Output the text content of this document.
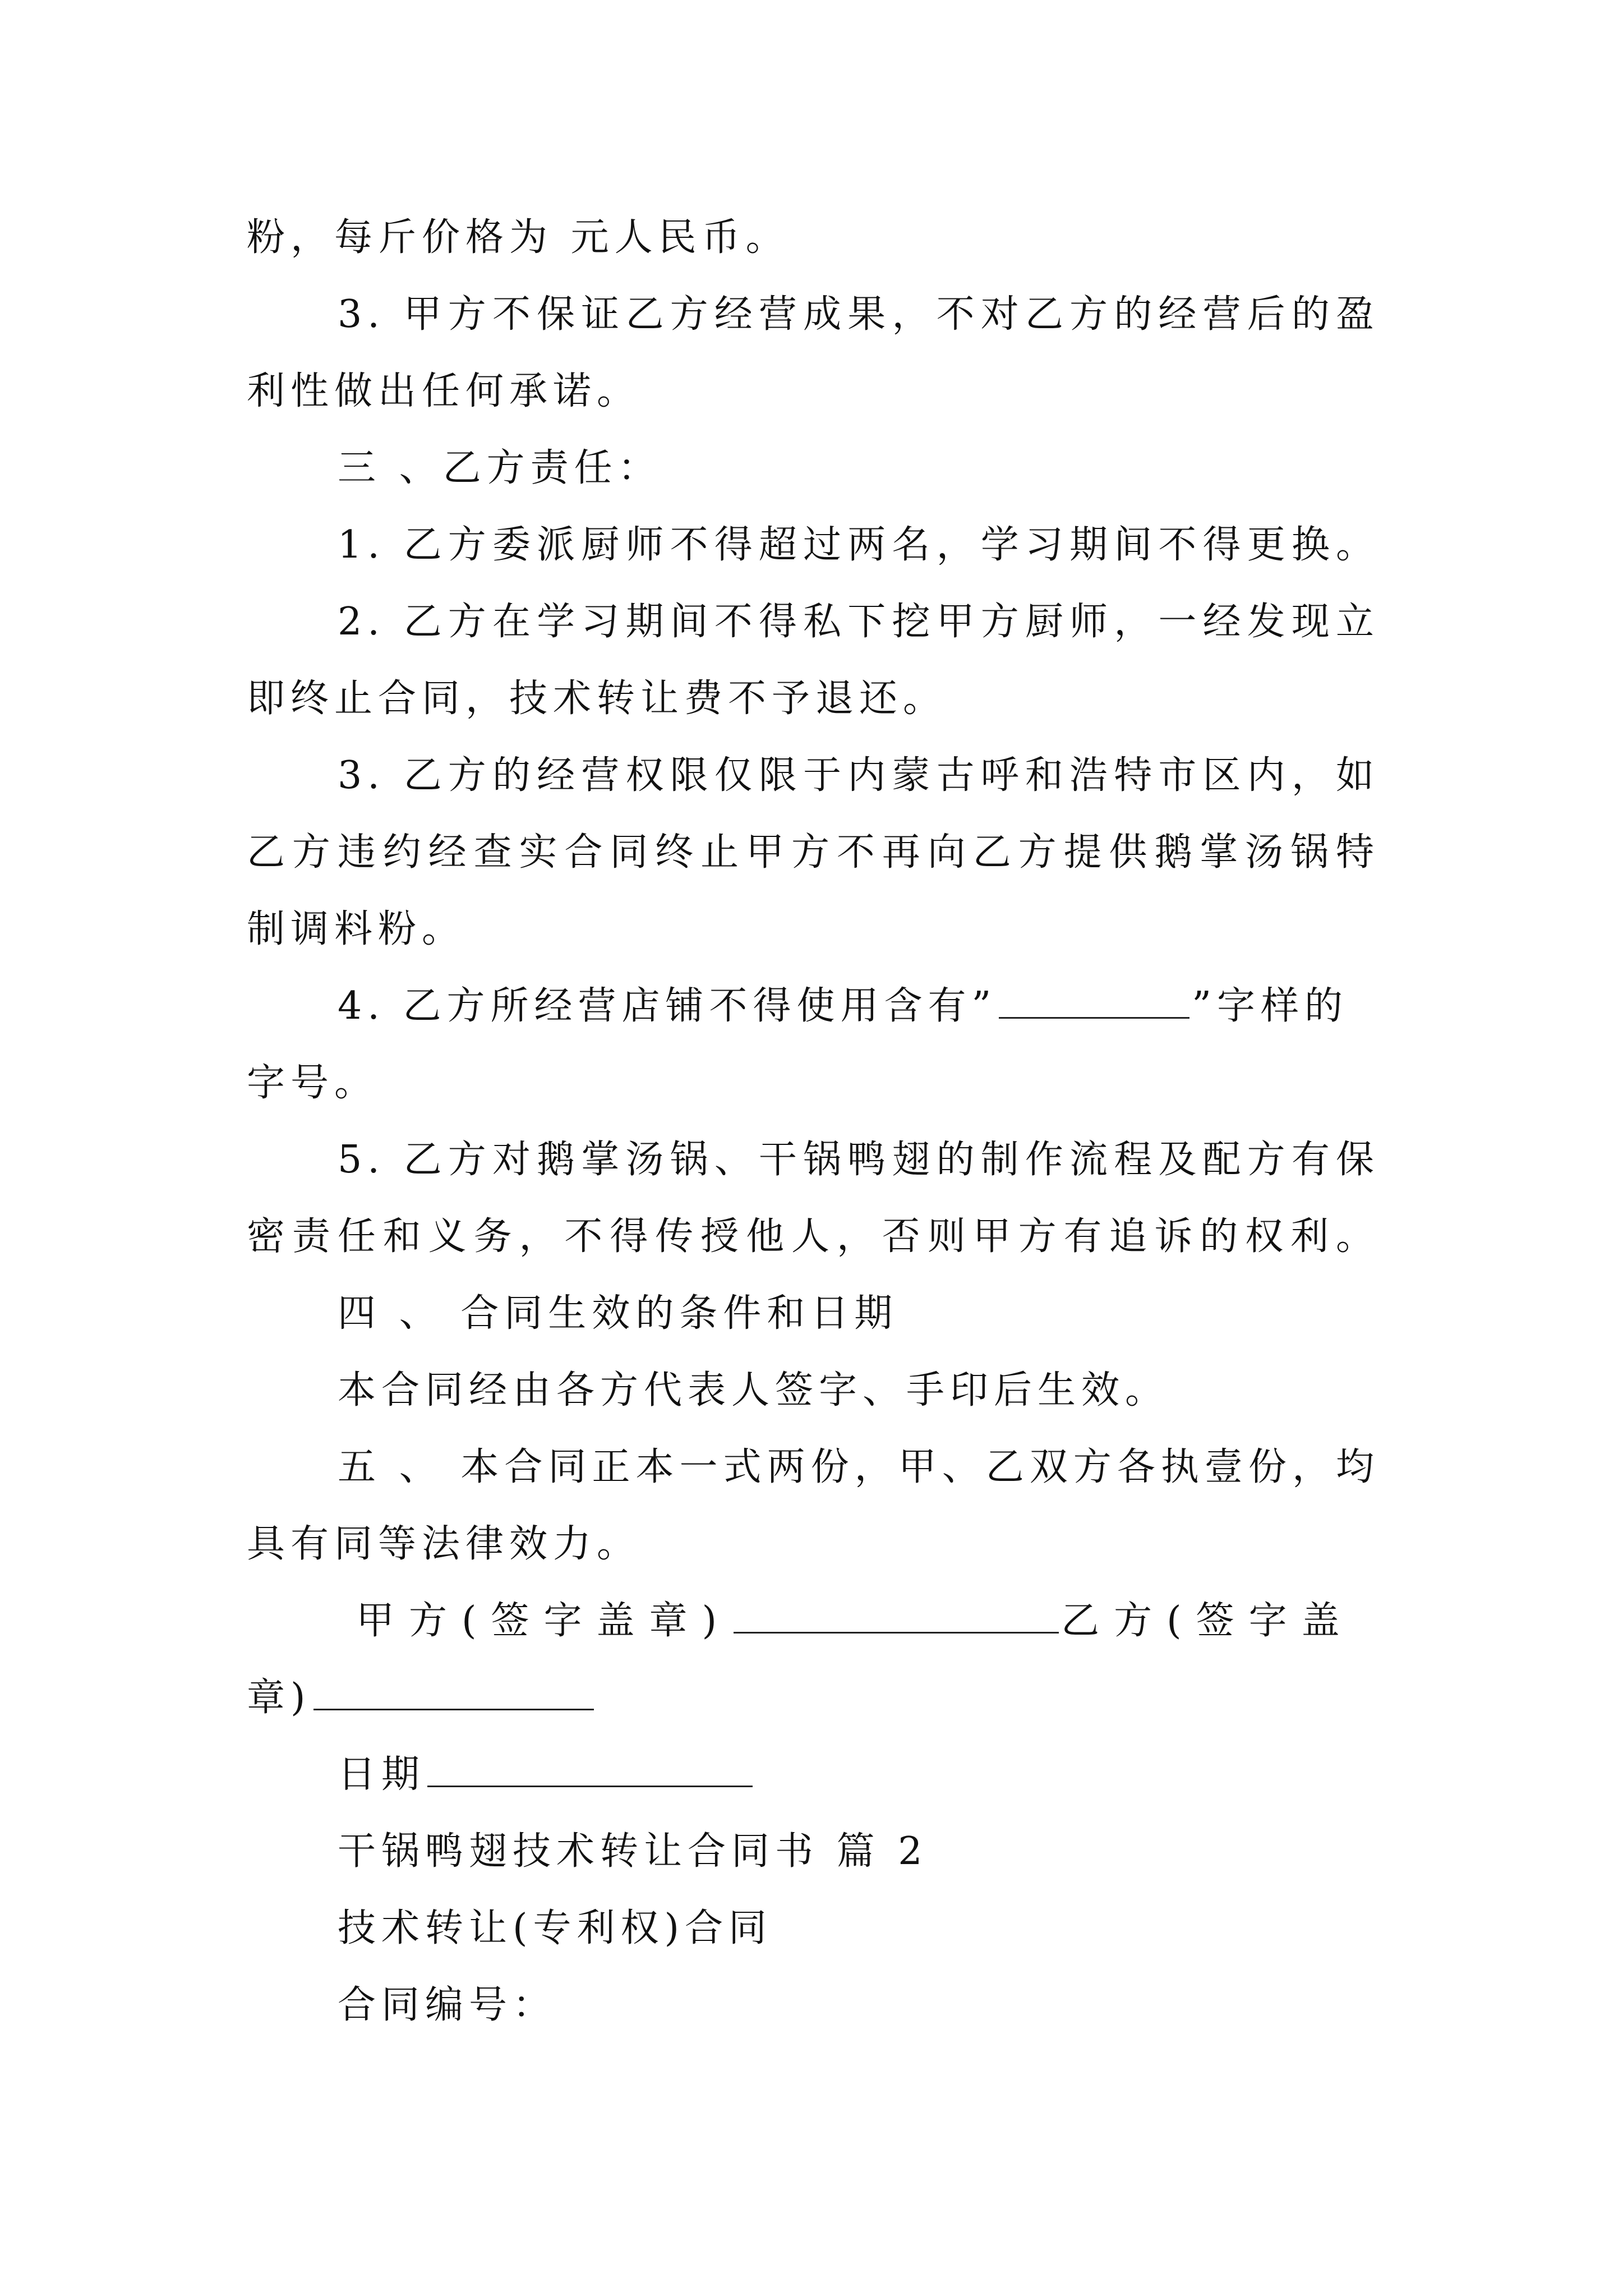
粉，每斤价格为 元人民币。
3. 甲方不保证乙方经营成果，不对乙方的经营后的盈
利性做出任何承诺。
三 、乙方责任：
1. 乙方委派厨师不得超过两名，学习期间不得更换。
2. 乙方在学习期间不得私下挖甲方厨师，一经发现立
即终止合同，技术转让费不予退还。
3. 乙方的经营权限仅限于内蒙古呼和浩特市区内，如
乙方违约经查实合同终止甲方不再向乙方提供鹅掌汤锅特
制调料粉。
4. 乙方所经营店铺不得使用含有”	”字样的
字号。
5. 乙方对鹅掌汤锅、干锅鸭翅的制作流程及配方有保
密责任和义务，不得传授他人，否则甲方有追诉的权利。
四 、 合同生效的条件和日期
本合同经由各方代表人签字、手印后生效。
五 、 本合同正本一式两份，甲、乙双方各执壹份，均
具有同等法律效力。
甲方(签字盖章)	乙方(签字盖
章)
日期
干锅鸭翅技术转让合同书 篇 2
技术转让(专利权)合同
合同编号：
